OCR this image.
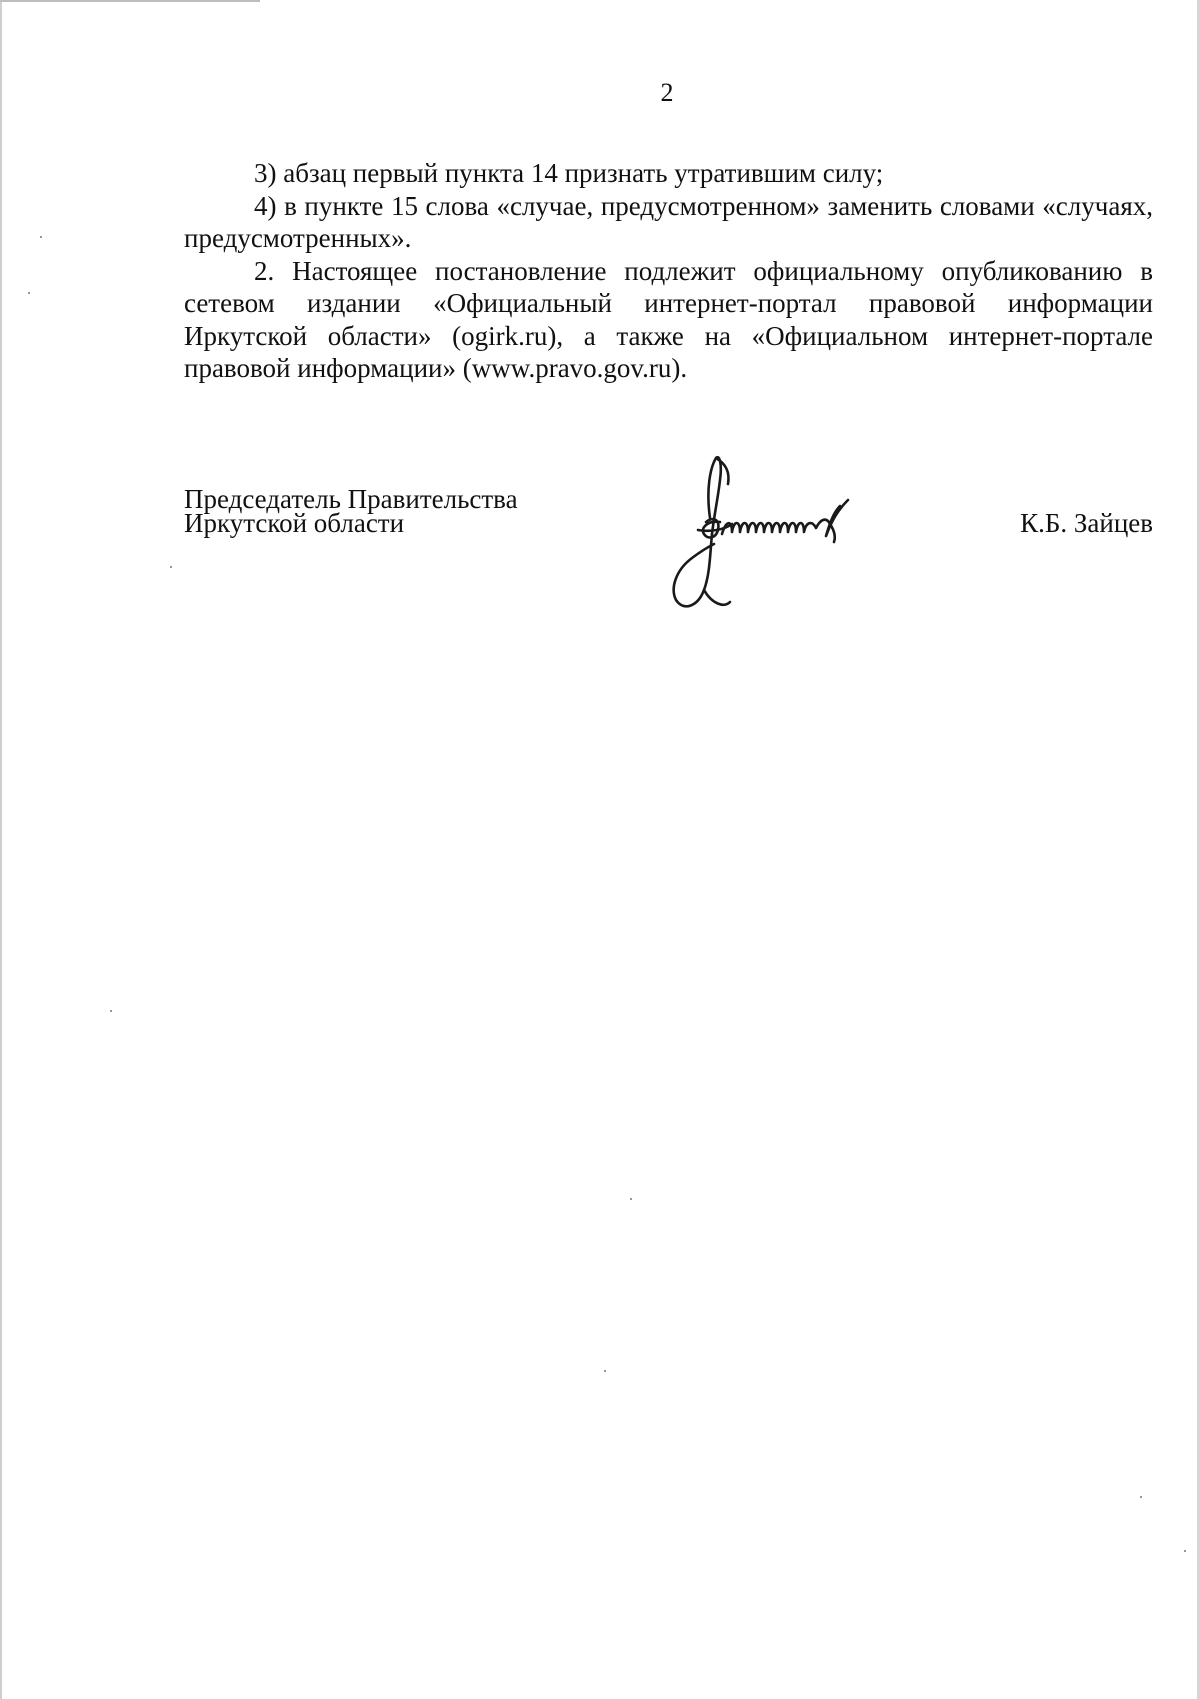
2

3) абзац первый пункта 14 признать утратившим силу;

4) в пункте 15 слова «случае, предусмотренном» заменить словами «случаях, предусмотренных».

2. Настоящее постановление подлежит официальному опубликованию в сетевом издании «Официальный интернет-портал правовой информации Иркутской области» (ogirk.ru), а также на «Официальном интернет-портале правовой информации» (www.pravo.gov.ru).

Председатель Правительства
Иркутской области	К.Б. Зайцев
